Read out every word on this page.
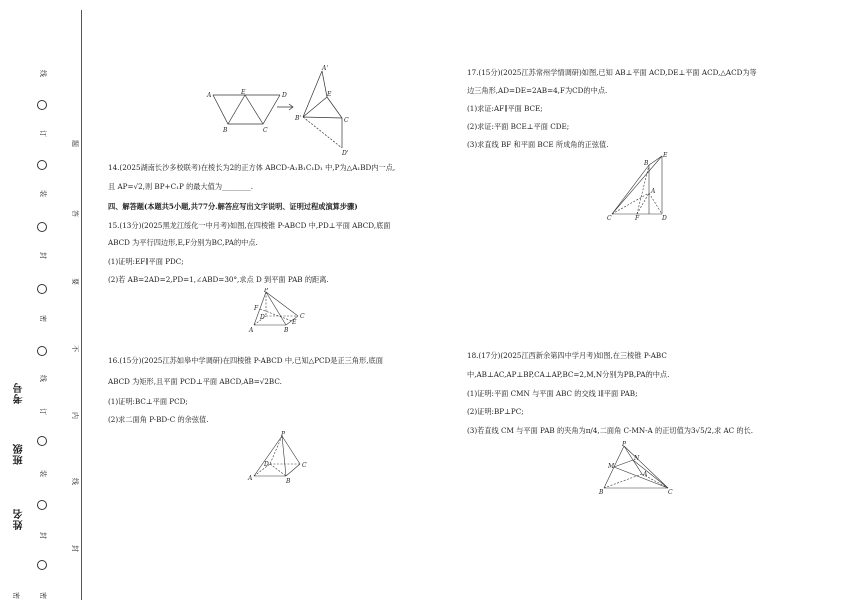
线
订
装
封
密
线
订
装
封
密
密
题
答
要
不
内
线
封
考号
班级
姓名
A	E	D
B	C
A'
B'
E
C
D'
14.(2025湖南长沙多校联考)在棱长为2的正方体 ABCD-A₁B₁C₁D₁ 中,P为△A₁BD内一点,
且 AP=√2,则 BP+C₁P 的最大值为________.
四、解答题(本题共5小题,共77分.解答应写出文字说明、证明过程或演算步骤)
15.(13分)(2025黑龙江绥化一中月考)如图,在四棱锥 P-ABCD 中,PD⊥平面 ABCD,底面
ABCD 为平行四边形,E,F分别为BC,PA的中点.
(1)证明:EF∥平面 PDC;
(2)若 AB=2AD=2,PD=1,∠ABD=30°,求点 D 到平面 PAB 的距离.
P
F
D	C
A
E
B
16.(15分)(2025江苏如皋中学调研)在四棱锥 P-ABCD 中,已知△PCD是正三角形,底面
ABCD 为矩形,且平面 PCD⊥平面 ABCD,AB=√2BC.
(1)证明:BC⊥平面 PCD;
(2)求二面角 P-BD-C 的余弦值.
P
D	C
A	B
17.(15分)(2025江苏常州学情调研)如图,已知 AB⊥平面 ACD,DE⊥平面 ACD,△ACD为等
边三角形,AD=DE=2AB=4,F为CD的中点.
(1)求证:AF∥平面 BCE;
(2)求证:平面 BCE⊥平面 CDE;
(3)求直线 BF 和平面 BCE 所成角的正弦值.
B
E
A
C	F	D
18.(17分)(2025江西新余第四中学月考)如图,在三棱锥 P-ABC
中,AB⊥AC,AP⊥BP,CA⊥AP,BC=2,M,N分别为PB,PA的中点.
(1)证明:平面 CMN 与平面 ABC 的交线 l∥平面 PAB;
(2)证明:BP⊥PC;
(3)若直线 CM 与平面 PAB 的夹角为π/4,二面角 C-MN-A 的正切值为3√5/2,求 AC 的长.
P
N
M
A
B	C
